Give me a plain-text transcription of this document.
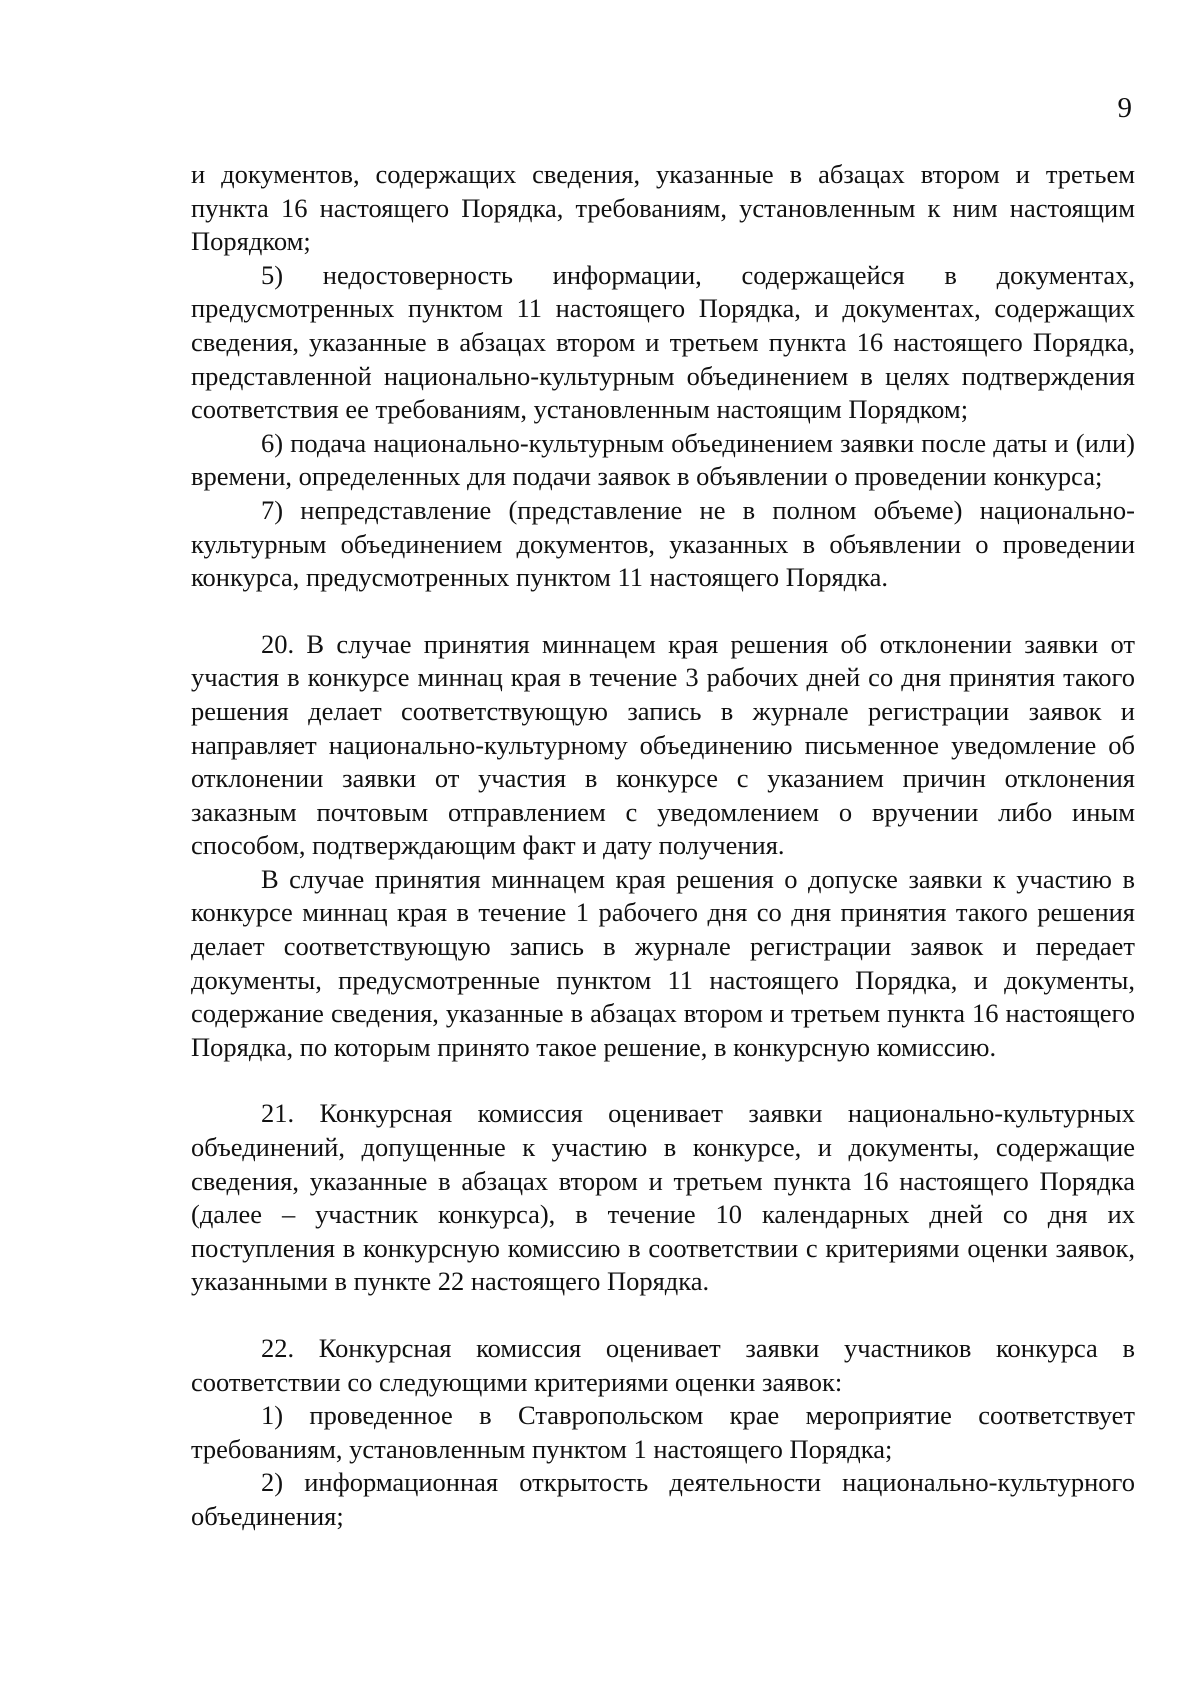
9

и документов, содержащих сведения, указанные в абзацах втором и третьем пункта 16 настоящего Порядка, требованиям, установленным к ним настоящим Порядком;

5) недостоверность информации, содержащейся в документах, предусмотренных пунктом 11 настоящего Порядка, и документах, содержащих сведения, указанные в абзацах втором и третьем пункта 16 настоящего Порядка, представленной национально-культурным объединением в целях подтверждения соответствия ее требованиям, установленным настоящим Порядком;

6) подача национально-культурным объединением заявки после даты и (или) времени, определенных для подачи заявок в объявлении о проведении конкурса;

7) непредставление (представление не в полном объеме) национально-культурным объединением документов, указанных в объявлении о проведении конкурса, предусмотренных пунктом 11 настоящего Порядка.

20. В случае принятия миннацем края решения об отклонении заявки от участия в конкурсе миннац края в течение 3 рабочих дней со дня принятия такого решения делает соответствующую запись в журнале регистрации заявок и направляет национально-культурному объединению письменное уведомление об отклонении заявки от участия в конкурсе с указанием причин отклонения заказным почтовым отправлением с уведомлением о вручении либо иным способом, подтверждающим факт и дату получения.

В случае принятия миннацем края решения о допуске заявки к участию в конкурсе миннац края в течение 1 рабочего дня со дня принятия такого решения делает соответствующую запись в журнале регистрации заявок и передает документы, предусмотренные пунктом 11 настоящего Порядка, и документы, содержание сведения, указанные в абзацах втором и третьем пункта 16 настоящего Порядка, по которым принято такое решение, в конкурсную комиссию.

21. Конкурсная комиссия оценивает заявки национально-культурных объединений, допущенные к участию в конкурсе, и документы, содержащие сведения, указанные в абзацах втором и третьем пункта 16 настоящего Порядка (далее – участник конкурса), в течение 10 календарных дней со дня их поступления в конкурсную комиссию в соответствии с критериями оценки заявок, указанными в пункте 22 настоящего Порядка.

22. Конкурсная комиссия оценивает заявки участников конкурса в соответствии со следующими критериями оценки заявок:

1) проведенное в Ставропольском крае мероприятие соответствует требованиям, установленным пунктом 1 настоящего Порядка;

2) информационная открытость деятельности национально-культурного объединения;
